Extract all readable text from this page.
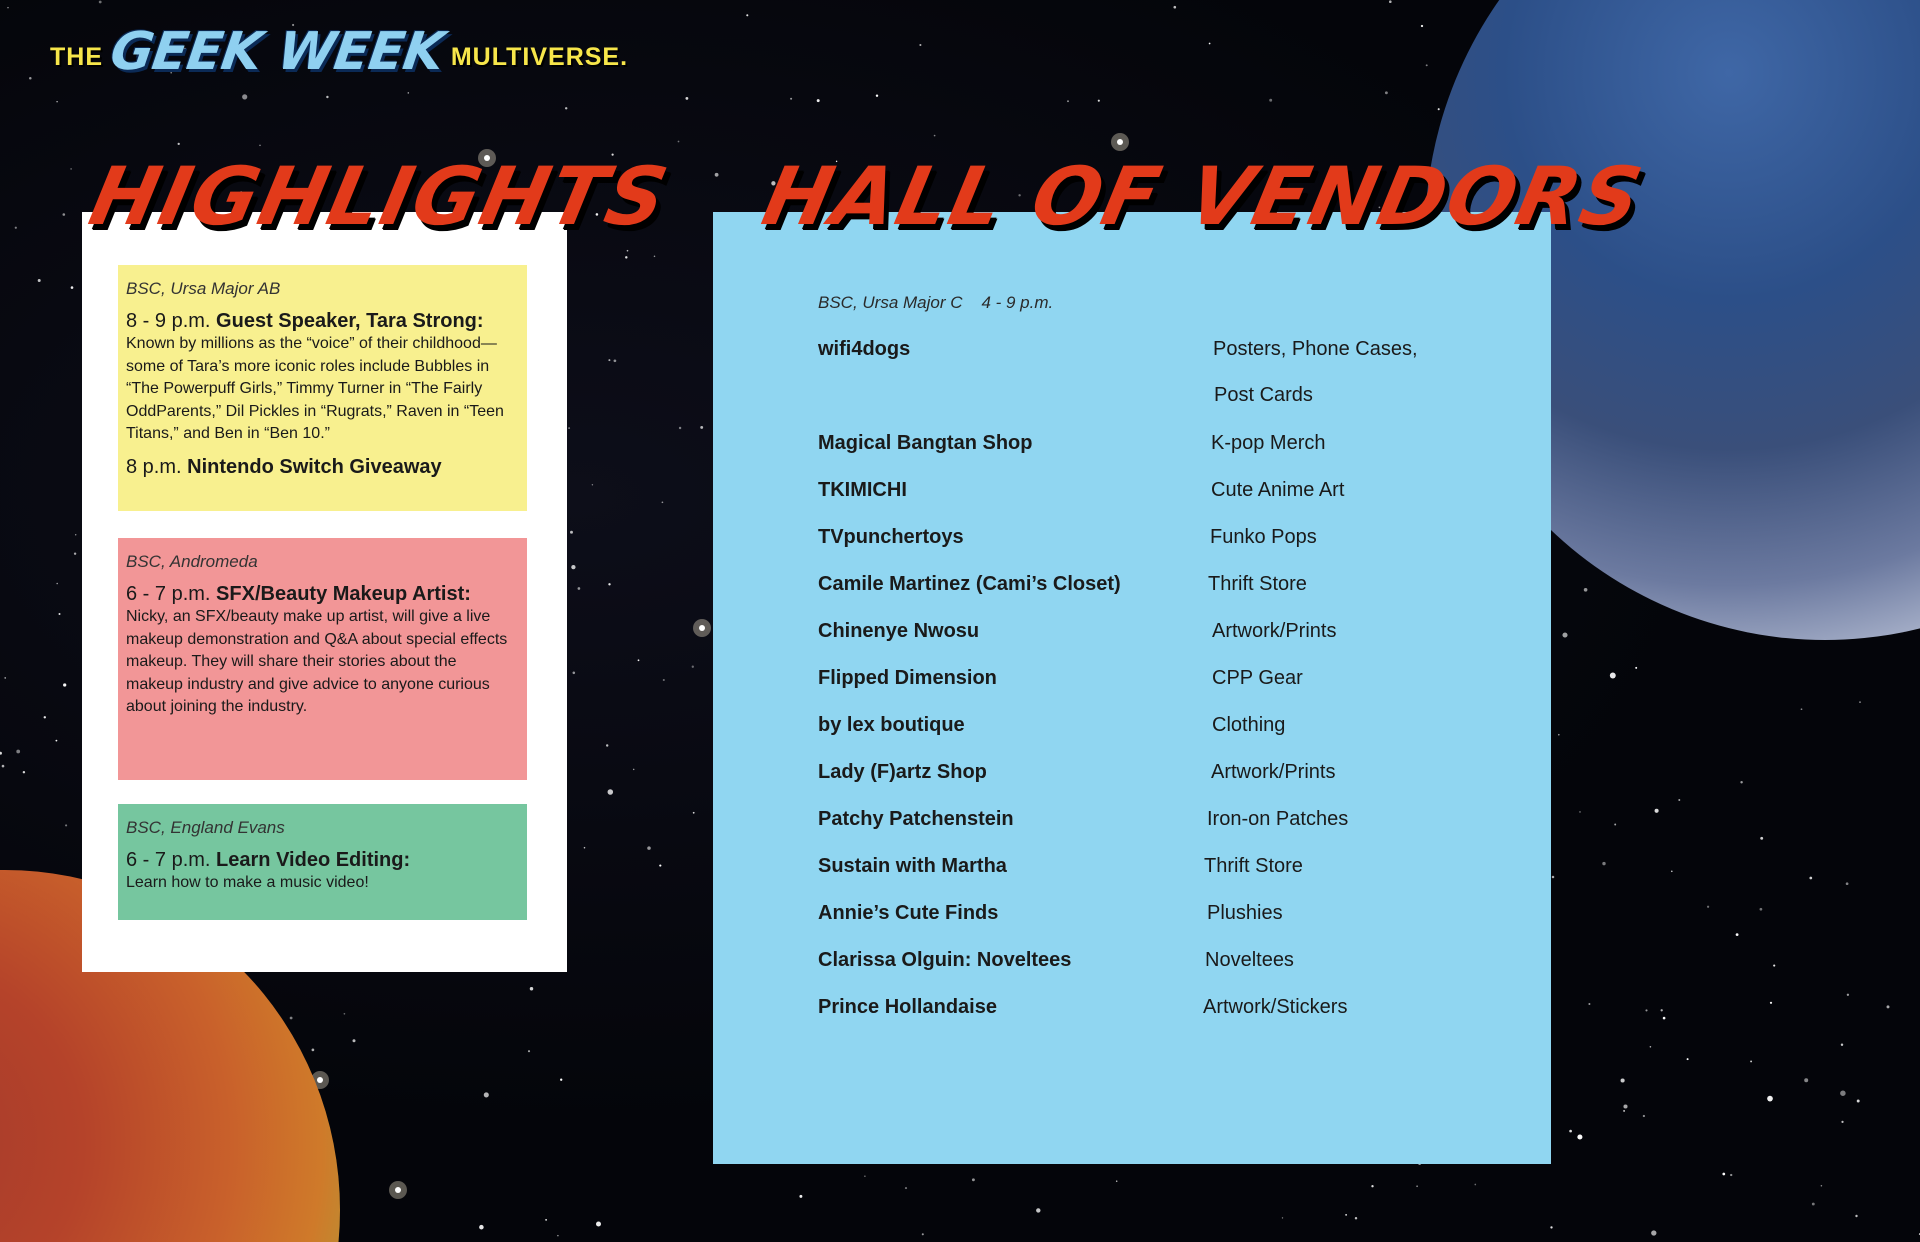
THE GEEK WEEK MULTIVERSE.
HIGHLIGHTS HALL OF VENDORS
BSC, Ursa Major AB
8 - 9 p.m. Guest Speaker, Tara Strong:
Known by millions as the “voice” of their childhood—some of Tara’s more iconic roles include Bubbles in “The Powerpuff Girls,” Timmy Turner in “The Fairly OddParents,” Dil Pickles in “Rugrats,” Raven in “Teen Titans,” and Ben in “Ben 10.”
8 p.m. Nintendo Switch Giveaway
BSC, Andromeda
6 - 7 p.m. SFX/Beauty Makeup Artist:
Nicky, an SFX/beauty make up artist, will give a live makeup demonstration and Q&A about special effects makeup. They will share their stories about the makeup industry and give advice to anyone curious about joining the industry.
BSC, England Evans
6 - 7 p.m. Learn Video Editing:
Learn how to make a music video!
BSC, Ursa Major C 4 - 9 p.m.
wifi4dogs	Posters, Phone Cases,
Post Cards
Magical Bangtan Shop	K-pop Merch
TKIMICHI	Cute Anime Art
TVpunchertoys	Funko Pops
Camile Martinez (Cami’s Closet)	Thrift Store
Chinenye Nwosu	Artwork/Prints
Flipped Dimension	CPP Gear
by lex boutique	Clothing
Lady (F)artz Shop	Artwork/Prints
Patchy Patchenstein	Iron-on Patches
Sustain with Martha	Thrift Store
Annie’s Cute Finds	Plushies
Clarissa Olguin: Noveltees	Noveltees
Prince Hollandaise	Artwork/Stickers
